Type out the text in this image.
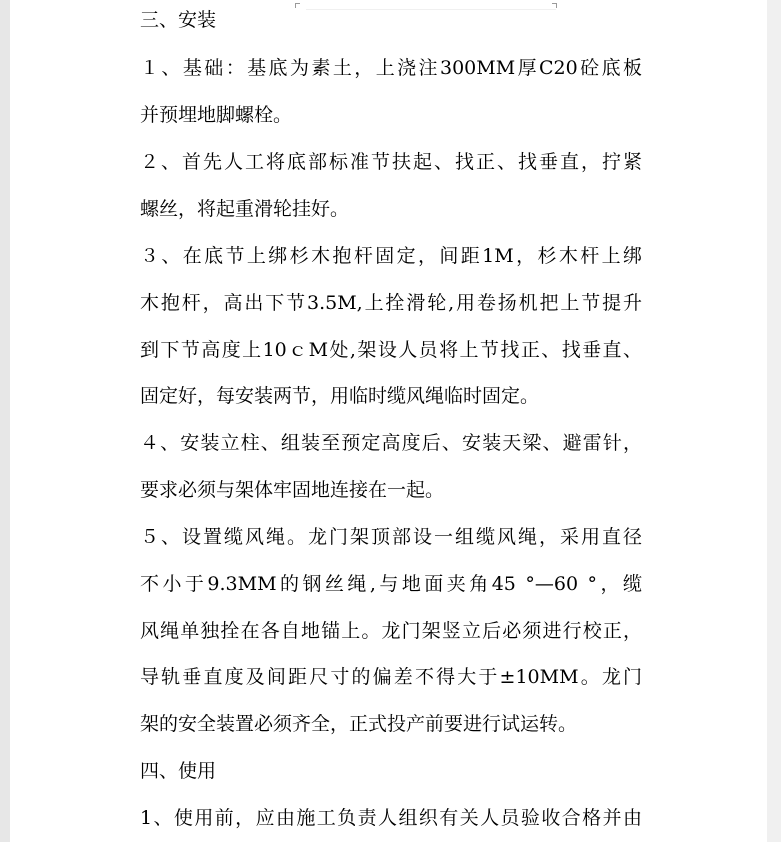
三、安装
１、基础：基底为素土，上浇注300MM厚C20砼底板
并预埋地脚螺栓。
２、首先人工将底部标准节扶起、找正、找垂直，拧紧
螺丝，将起重滑轮挂好。
３、在底节上绑杉木抱杆固定，间距1M，杉木杆上绑
木抱杆，高出下节3.5M,上拴滑轮,用卷扬机把上节提升
到下节高度上10ｃM处,架设人员将上节找正、找垂直、
固定好，每安装两节，用临时缆风绳临时固定。
４、安装立柱、组装至预定高度后、安装天梁、避雷针，
要求必须与架体牢固地连接在一起。
５、设置缆风绳。龙门架顶部设一组缆风绳，采用直径
不小于9.3MM的钢丝绳,与地面夹角45 °—60 °，缆
风绳单独拴在各自地锚上。龙门架竖立后必须进行校正，
导轨垂直度及间距尺寸的偏差不得大于±10MM。龙门
架的安全装置必须齐全，正式投产前要进行试运转。
四、使用
1、使用前，应由施工负责人组织有关人员验收合格并由
